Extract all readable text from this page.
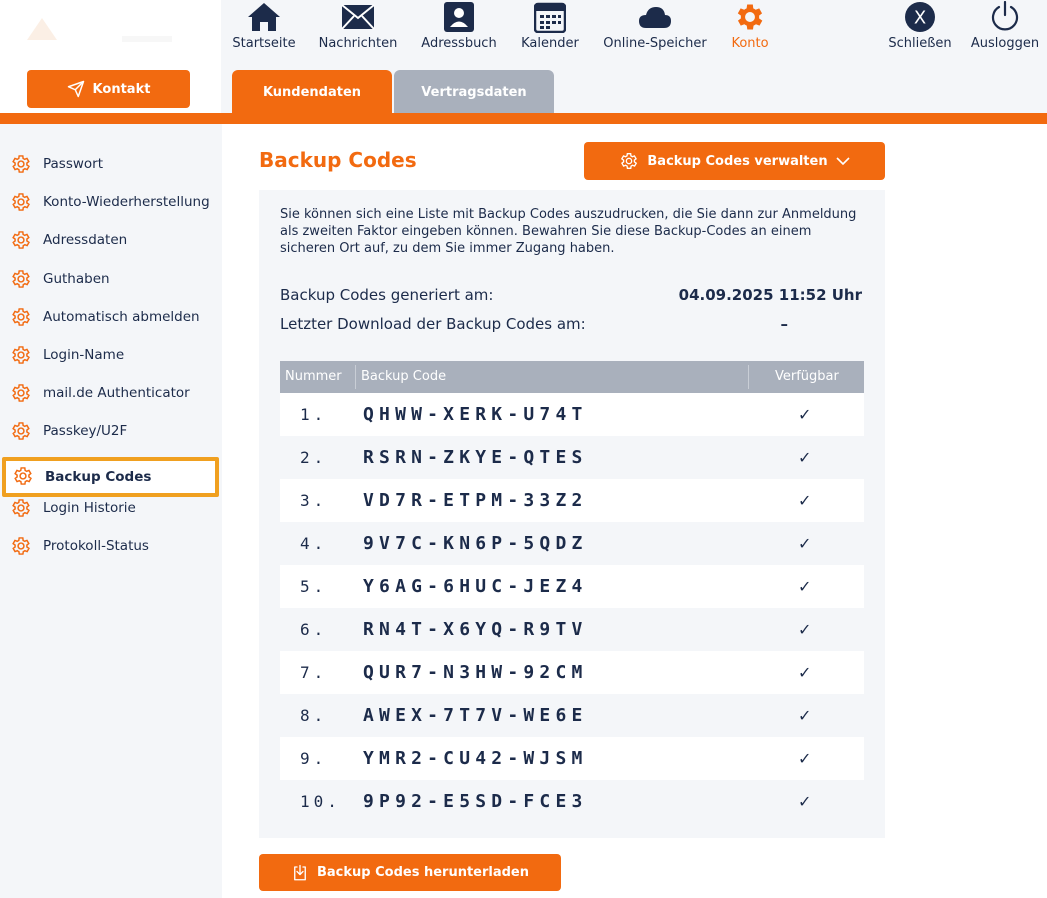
Kontakt
Startseite Nachrichten Adressbuch Kalender Online-Speicher Konto
X
Schließen Ausloggen
Kundendaten	Vertragsdaten
Passwort
Konto-Wiederherstellung
Adressdaten
Guthaben
Automatisch abmelden
Login-Name
mail.de Authenticator
Passkey/U2F
Backup Codes
Login Historie
Protokoll-Status
Backup Codes	Backup Codes verwalten

Sie können sich eine Liste mit Backup Codes auszudrucken, die Sie dann zur Anmeldung als zweiten Faktor eingeben können. Bewahren Sie diese Backup-Codes an einem sicheren Ort auf, zu dem Sie immer Zugang haben.

Backup Codes generiert am:	04.09.2025 11:52 Uhr
Letzter Download der Backup Codes am:	–
Nummer Backup Code	Verfügbar
1. QHWW-XERK-U74T	✓
2. RSRN-ZKYE-QTES	✓
3. VD7R-ETPM-33Z2	✓
4. 9V7C-KN6P-5QDZ	✓
5. Y6AG-6HUC-JEZ4	✓
6. RN4T-X6YQ-R9TV	✓
7. QUR7-N3HW-92CM	✓
8. AWEX-7T7V-WE6E	✓
9. YMR2-CU42-WJSM	✓
10. 9P92-E5SD-FCE3	✓
Backup Codes herunterladen
